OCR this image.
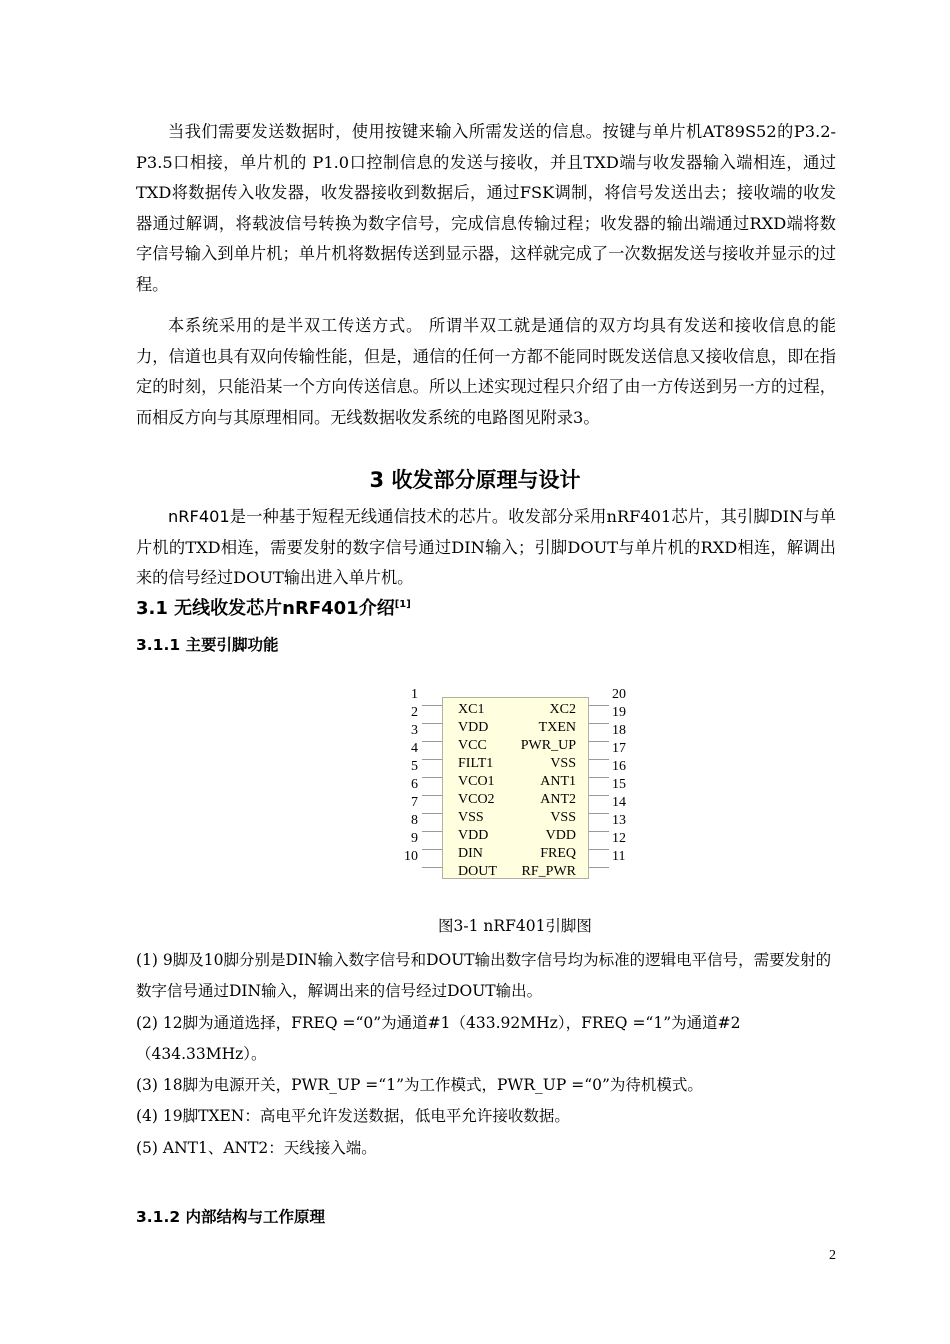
当我们需要发送数据时，使用按键来输入所需发送的信息。按键与单片机AT89S52的P3.2-P3.5口相接，单片机的 P1.0口控制信息的发送与接收，并且TXD端与收发器输入端相连，通过TXD将数据传入收发器，收发器接收到数据后，通过FSK调制，将信号发送出去；接收端的收发器通过解调，将载波信号转换为数字信号，完成信息传输过程；收发器的输出端通过RXD端将数字信号输入到单片机；单片机将数据传送到显示器，这样就完成了一次数据发送与接收并显示的过程。

本系统采用的是半双工传送方式。 所谓半双工就是通信的双方均具有发送和接收信息的能力，信道也具有双向传输性能，但是，通信的任何一方都不能同时既发送信息又接收信息，即在指定的时刻，只能沿某一个方向传送信息。所以上述实现过程只介绍了由一方传送到另一方的过程，而相反方向与其原理相同。无线数据收发系统的电路图见附录3。

3 收发部分原理与设计

nRF401是一种基于短程无线通信技术的芯片。收发部分采用nRF401芯片，其引脚DIN与单片机的TXD相连，需要发射的数字信号通过DIN输入；引脚DOUT与单片机的RXD相连，解调出来的信号经过DOUT输出进入单片机。

3.1 无线收发芯片nRF401介绍[1]
3.1.1 主要引脚功能
1
2
3
4
5
6
7
8
9
10
20
19
18
17
16
15
14
13
12
11
XC1	XC2
VDD	TXEN
VCC PWR_UP
FILT1	VSS
VCO1	ANT1
VCO2	ANT2
VSS	VSS
VDD	VDD
DIN	FREQ
DOUT RF_PWR

图3-1 nRF401引脚图

(1) 9脚及10脚分别是DIN输入数字信号和DOUT输出数字信号均为标准的逻辑电平信号，需要发射的数字信号通过DIN输入，解调出来的信号经过DOUT输出。

(2) 12脚为通道选择，FREQ =“0”为通道#1（433.92MHz），FREQ =“1”为通道#2（434.33MHz）。

(3) 18脚为电源开关，PWR_UP =“1”为工作模式，PWR_UP =“0”为待机模式。

(4) 19脚TXEN：高电平允许发送数据，低电平允许接收数据。

(5) ANT1、ANT2：天线接入端。

3.1.2 内部结构与工作原理
2
